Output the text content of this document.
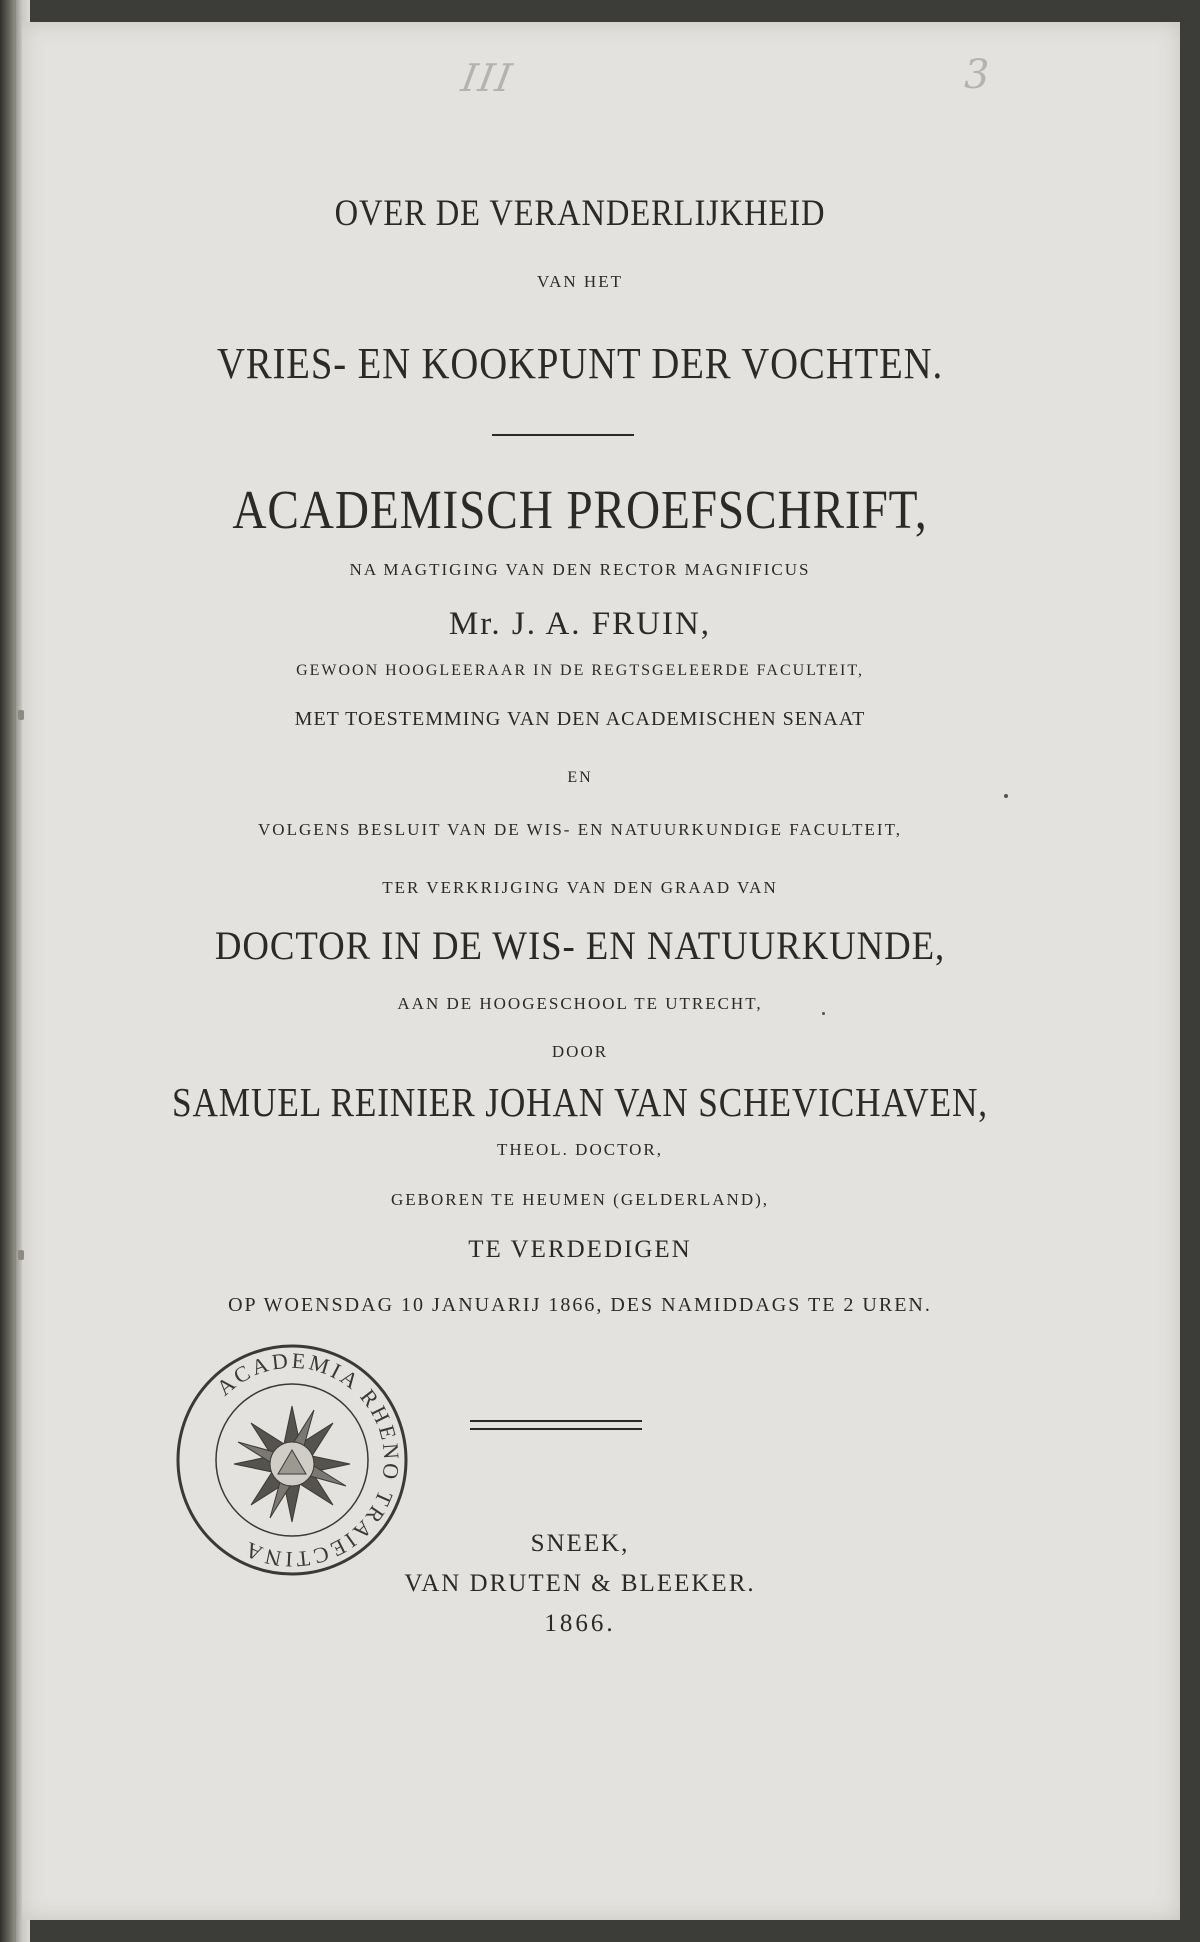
III	3
OVER DE VERANDERLIJKHEID
VAN HET
VRIES- EN KOOKPUNT DER VOCHTEN.
ACADEMISCH PROEFSCHRIFT,
NA MAGTIGING VAN DEN RECTOR MAGNIFICUS
Mr. J. A. FRUIN,
GEWOON HOOGLEERAAR IN DE REGTSGELEERDE FACULTEIT,
MET TOESTEMMING VAN DEN ACADEMISCHEN SENAAT
EN
VOLGENS BESLUIT VAN DE WIS- EN NATUURKUNDIGE FACULTEIT,
TER VERKRIJGING VAN DEN GRAAD VAN
DOCTOR IN DE WIS- EN NATUURKUNDE,
AAN DE HOOGESCHOOL TE UTRECHT,
DOOR
SAMUEL REINIER JOHAN VAN SCHEVICHAVEN,
THEOL. DOCTOR,
GEBOREN TE HEUMEN (GELDERLAND),
TE VERDEDIGEN
OP WOENSDAG 10 JANUARIJ 1866, DES NAMIDDAGS TE 2 UREN.
ACADEMIA RHENO TRAIECTINA	SNEEK,
VAN DRUTEN & BLEEKER.
1866.
